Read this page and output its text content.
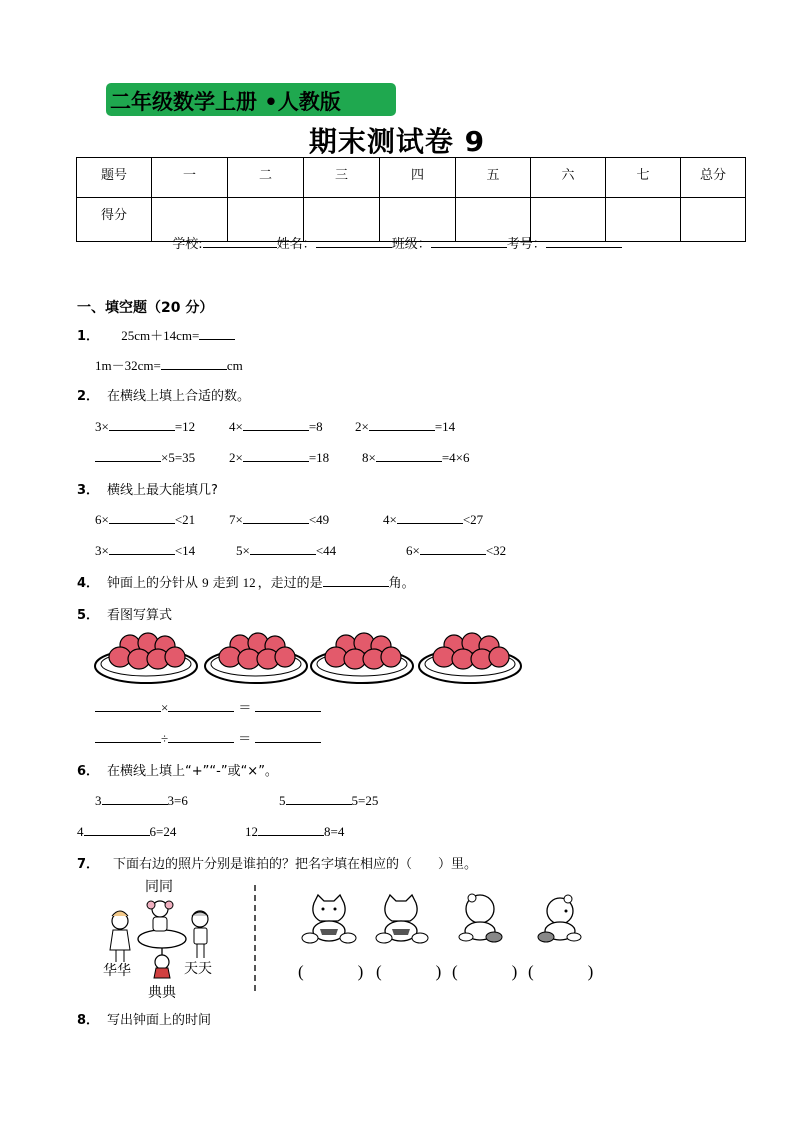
二年级数学上册 •人教版
期末测试卷 9
题号	一	二	三	四	五	六	七	总分
得分								
学校:	姓名：	班级：	考号：
一、填空题（20 分）
1． 25cm＋14cm=
1m－32cm=	cm
2． 在横线上填上合适的数。
3×	=12	4×	=8 2×	=14
×5=35	2×	=18	8×	=4×6
3． 横线上最大能填几?
6×	<21	7×	<49	4×	<27
3×	<14	5×	<44	6×	<32
4． 钟面上的分针从 9 走到 12 ，走过的是	角。
5． 看图写算式
×	＝
÷	＝
6． 在横线上填上“+”“-”或“×”。
3	3=6	5	5=25
4	6=24	12	8=4
7． 下面右边的照片分别是谁拍的？把名字填在相应的（　　）里。
同同
华华	天天
典典
(	) (	) (	) (	)
8． 写出钟面上的时间
